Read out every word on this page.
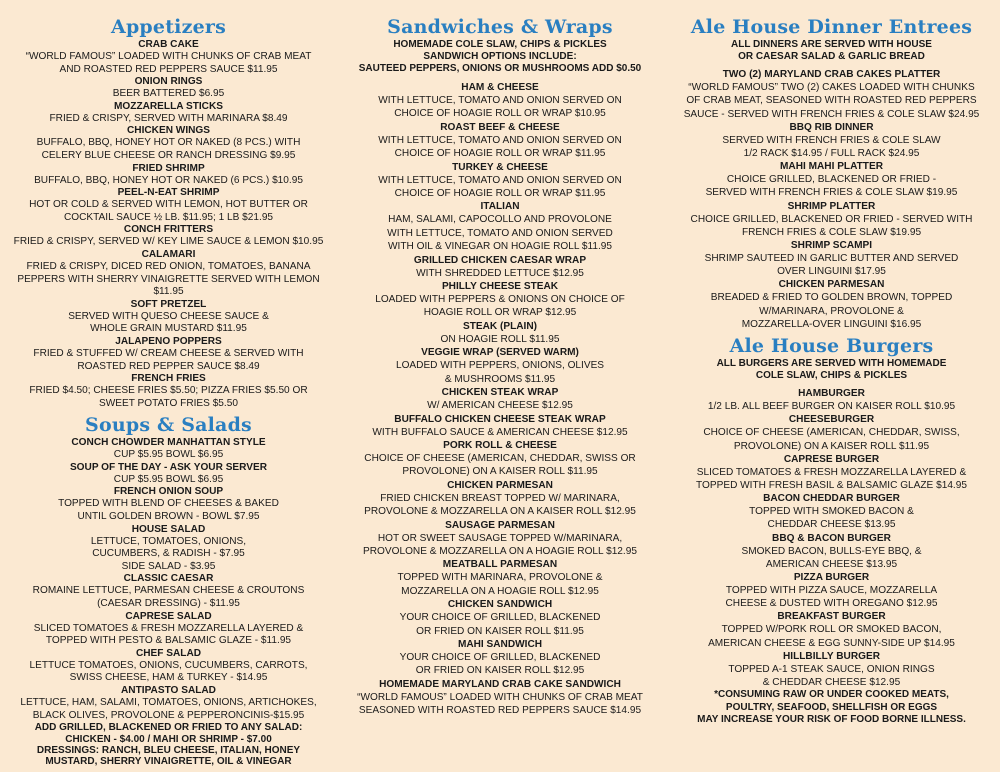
Appetizers
CRAB CAKE
“WORLD FAMOUS” LOADED WITH CHUNKS OF CRAB MEAT
AND ROASTED RED PEPPERS SAUCE $11.95
ONION RINGS
BEER BATTERED $6.95
MOZZARELLA STICKS
FRIED & CRISPY, SERVED WITH MARINARA $8.49
CHICKEN WINGS
BUFFALO, BBQ, HONEY HOT OR NAKED (8 PCS.) WITH
CELERY BLUE CHEESE OR RANCH DRESSING $9.95
FRIED SHRIMP
BUFFALO, BBQ, HONEY HOT OR NAKED (6 PCS.) $10.95
PEEL-N-EAT SHRIMP
HOT OR COLD & SERVED WITH LEMON, HOT BUTTER OR
COCKTAIL SAUCE ½ LB. $11.95; 1 LB $21.95
CONCH FRITTERS
FRIED & CRISPY, SERVED W/ KEY LIME SAUCE & LEMON $10.95
CALAMARI
FRIED & CRISPY, DICED RED ONION, TOMATOES, BANANA
PEPPERS WITH SHERRY VINAIGRETTE SERVED WITH LEMON
$11.95
SOFT PRETZEL
SERVED WITH QUESO CHEESE SAUCE &
WHOLE GRAIN MUSTARD $11.95
JALAPENO POPPERS
FRIED & STUFFED W/ CREAM CHEESE & SERVED WITH
ROASTED RED PEPPER SAUCE $8.49
FRENCH FRIES
FRIED $4.50; CHEESE FRIES $5.50; PIZZA FRIES $5.50 OR
SWEET POTATO FRIES $5.50
Soups & Salads
CONCH CHOWDER MANHATTAN STYLE
CUP $5.95 BOWL $6.95
SOUP OF THE DAY - ASK YOUR SERVER
CUP $5.95 BOWL $6.95
FRENCH ONION SOUP
TOPPED WITH BLEND OF CHEESES & BAKED
UNTIL GOLDEN BROWN - BOWL $7.95
HOUSE SALAD
LETTUCE, TOMATOES, ONIONS,
CUCUMBERS, & RADISH - $7.95
SIDE SALAD - $3.95
CLASSIC CAESAR
ROMAINE LETTUCE, PARMESAN CHEESE & CROUTONS
(CAESAR DRESSING) - $11.95
CAPRESE SALAD
SLICED TOMATOES & FRESH MOZZARELLA LAYERED &
TOPPED WITH PESTO & BALSAMIC GLAZE - $11.95
CHEF SALAD
LETTUCE TOMATOES, ONIONS, CUCUMBERS, CARROTS,
SWISS CHEESE, HAM & TURKEY - $14.95
ANTIPASTO SALAD
LETTUCE, HAM, SALAMI, TOMATOES, ONIONS, ARTICHOKES,
BLACK OLIVES, PROVOLONE & PEPPERONCINIS-$15.95
ADD GRILLED, BLACKENED OR FRIED TO ANY SALAD:
CHICKEN - $4.00 / MAHI OR SHRIMP - $7.00
DRESSINGS: RANCH, BLEU CHEESE, ITALIAN, HONEY
MUSTARD, SHERRY VINAIGRETTE, OIL & VINEGAR
Sandwiches & Wraps
HOMEMADE COLE SLAW, CHIPS & PICKLES
SANDWICH OPTIONS INCLUDE:
SAUTEED PEPPERS, ONIONS OR MUSHROOMS ADD $0.50
HAM & CHEESE
WITH LETTUCE, TOMATO AND ONION SERVED ON
CHOICE OF HOAGIE ROLL OR WRAP $10.95
ROAST BEEF & CHEESE
WITH LETTUCE, TOMATO AND ONION SERVED ON
CHOICE OF HOAGIE ROLL OR WRAP $11.95
TURKEY & CHEESE
WITH LETTUCE, TOMATO AND ONION SERVED ON
CHOICE OF HOAGIE ROLL OR WRAP $11.95
ITALIAN
HAM, SALAMI, CAPOCOLLO AND PROVOLONE
WITH LETTUCE, TOMATO AND ONION SERVED
WITH OIL & VINEGAR ON HOAGIE ROLL $11.95
GRILLED CHICKEN CAESAR WRAP
WITH SHREDDED LETTUCE $12.95
PHILLY CHEESE STEAK
LOADED WITH PEPPERS & ONIONS ON CHOICE OF
HOAGIE ROLL OR WRAP $12.95
STEAK (PLAIN)
ON HOAGIE ROLL $11.95
VEGGIE WRAP (SERVED WARM)
LOADED WITH PEPPERS, ONIONS, OLIVES
& MUSHROOMS $11.95
CHICKEN STEAK WRAP
W/ AMERICAN CHEESE $12.95
BUFFALO CHICKEN CHEESE STEAK WRAP
WITH BUFFALO SAUCE & AMERICAN CHEESE $12.95
PORK ROLL & CHEESE
CHOICE OF CHEESE (AMERICAN, CHEDDAR, SWISS OR
PROVOLONE) ON A KAISER ROLL $11.95
CHICKEN PARMESAN
FRIED CHICKEN BREAST TOPPED W/ MARINARA,
PROVOLONE & MOZZARELLA ON A KAISER ROLL $12.95
SAUSAGE PARMESAN
HOT OR SWEET SAUSAGE TOPPED W/MARINARA,
PROVOLONE & MOZZARELLA ON A HOAGIE ROLL $12.95
MEATBALL PARMESAN
TOPPED WITH MARINARA, PROVOLONE &
MOZZARELLA ON A HOAGIE ROLL $12.95
CHICKEN SANDWICH
YOUR CHOICE OF GRILLED, BLACKENED
OR FRIED ON KAISER ROLL $11.95
MAHI SANDWICH
YOUR CHOICE OF GRILLED, BLACKENED
OR FRIED ON KAISER ROLL $12.95
HOMEMADE MARYLAND CRAB CAKE SANDWICH
“WORLD FAMOUS” LOADED WITH CHUNKS OF CRAB MEAT
SEASONED WITH ROASTED RED PEPPERS SAUCE $14.95
Ale House Dinner Entrees
ALL DINNERS ARE SERVED WITH HOUSE
OR CAESAR SALAD & GARLIC BREAD
TWO (2) MARYLAND CRAB CAKES PLATTER
“WORLD FAMOUS” TWO (2) CAKES LOADED WITH CHUNKS
OF CRAB MEAT, SEASONED WITH ROASTED RED PEPPERS
SAUCE - SERVED WITH FRENCH FRIES & COLE SLAW $24.95
BBQ RIB DINNER
SERVED WITH FRENCH FRIES & COLE SLAW
1/2 RACK $14.95 / FULL RACK $24.95
MAHI MAHI PLATTER
CHOICE GRILLED, BLACKENED OR FRIED -
SERVED WITH FRENCH FRIES & COLE SLAW $19.95
SHRIMP PLATTER
CHOICE GRILLED, BLACKENED OR FRIED - SERVED WITH
FRENCH FRIES & COLE SLAW $19.95
SHRIMP SCAMPI
SHRIMP SAUTEED IN GARLIC BUTTER AND SERVED
OVER LINGUINI $17.95
CHICKEN PARMESAN
BREADED & FRIED TO GOLDEN BROWN, TOPPED
W/MARINARA, PROVOLONE &
MOZZARELLA-OVER LINGUINI $16.95
Ale House Burgers
ALL BURGERS ARE SERVED WITH HOMEMADE
COLE SLAW, CHIPS & PICKLES
HAMBURGER
1/2 LB. ALL BEEF BURGER ON KAISER ROLL $10.95
CHEESEBURGER
CHOICE OF CHEESE (AMERICAN, CHEDDAR, SWISS,
PROVOLONE) ON A KAISER ROLL $11.95
CAPRESE BURGER
SLICED TOMATOES & FRESH MOZZARELLA LAYERED &
TOPPED WITH FRESH BASIL & BALSAMIC GLAZE $14.95
BACON CHEDDAR BURGER
TOPPED WITH SMOKED BACON &
CHEDDAR CHEESE $13.95
BBQ & BACON BURGER
SMOKED BACON, BULLS-EYE BBQ, &
AMERICAN CHEESE $13.95
PIZZA BURGER
TOPPED WITH PIZZA SAUCE, MOZZARELLA
CHEESE & DUSTED WITH OREGANO $12.95
BREAKFAST BURGER
TOPPED W/PORK ROLL OR SMOKED BACON,
AMERICAN CHEESE & EGG SUNNY-SIDE UP $14.95
HILLBILLY BURGER
TOPPED A-1 STEAK SAUCE, ONION RINGS
& CHEDDAR CHEESE $12.95
*CONSUMING RAW OR UNDER COOKED MEATS,
POULTRY, SEAFOOD, SHELLFISH OR EGGS
MAY INCREASE YOUR RISK OF FOOD BORNE ILLNESS.
